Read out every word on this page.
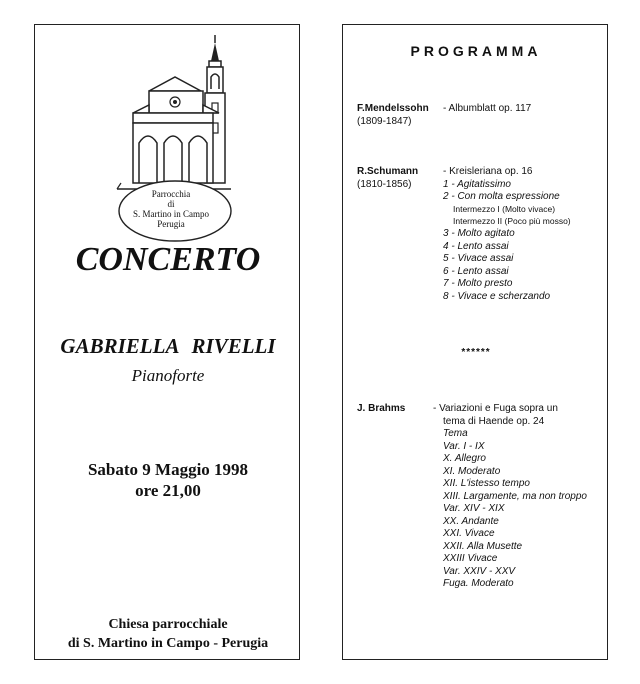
Parrocchia
di
S. Martino in Campo
Perugia
CONCERTO
GABRIELLA RIVELLI
Pianoforte
Sabato 9 Maggio 1998
ore 21,00
Chiesa parrocchiale
di S. Martino in Campo - Perugia
PROGRAMMA
F.Mendelssohn
(1809-1847)
- Albumblatt op. 117
R.Schumann
(1810-1856)
- Kreisleriana op. 16
1 - Agitatissimo
2 - Con molta espressione
Intermezzo I (Molto vivace)
Intermezzo II (Poco più mosso)
3 - Molto agitato
4 - Lento assai
5 - Vivace assai
6 - Lento assai
7 - Molto presto
8 - Vivace e scherzando
******
J. Brahms	- Variazioni e Fuga sopra un
tema di Haende op. 24
Tema
Var. I - IX
X. Allegro
XI. Moderato
XII. L'istesso tempo
XIII. Largamente, ma non troppo
Var. XIV - XIX
XX. Andante
XXI. Vivace
XXII. Alla Musette
XXIII Vivace
Var. XXIV - XXV
Fuga. Moderato
